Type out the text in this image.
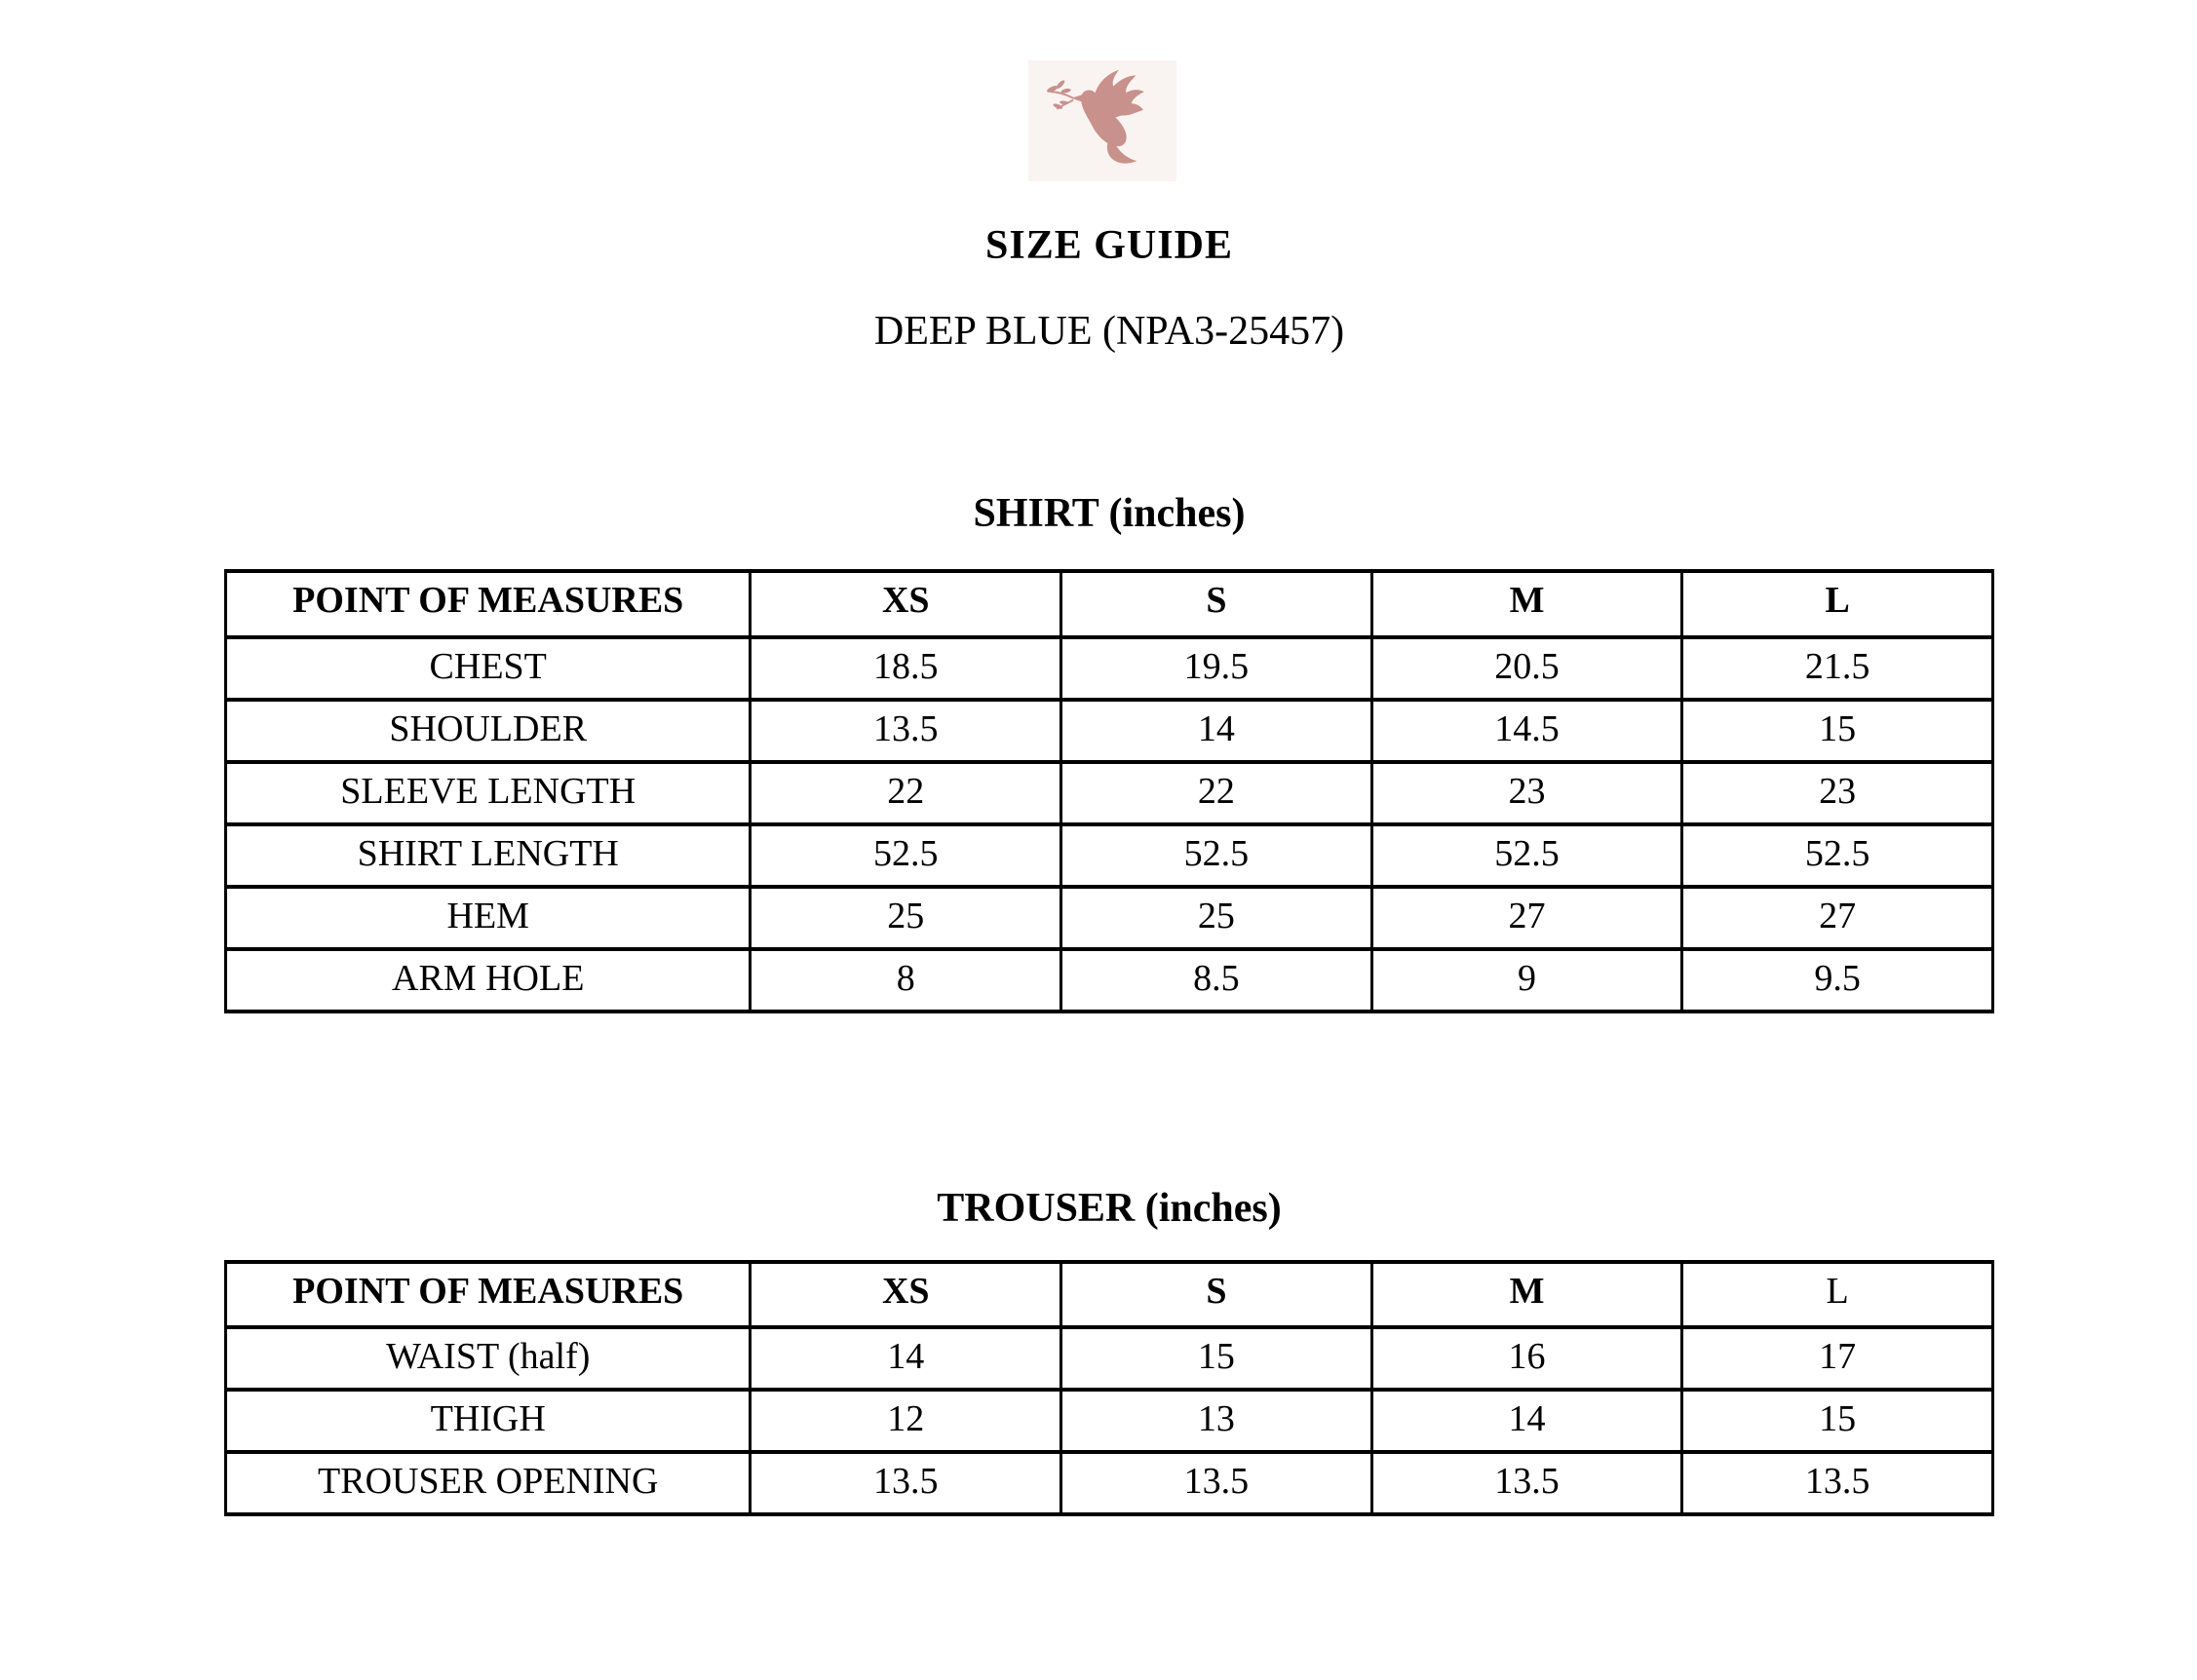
SIZE GUIDE
DEEP BLUE (NPA3-25457)
SHIRT (inches)
TROUSER (inches)
POINT OF MEASURES	XS	S	M	L
CHEST	18.5	19.5	20.5	21.5
SHOULDER	13.5	14	14.5	15
SLEEVE LENGTH	22	22	23	23
SHIRT LENGTH	52.5	52.5	52.5	52.5
HEM	25	25	27	27
ARM HOLE	8	8.5	9	9.5
POINT OF MEASURES	XS	S	M	L
WAIST (half)	14	15	16	17
THIGH	12	13	14	15
TROUSER OPENING	13.5	13.5	13.5	13.5
